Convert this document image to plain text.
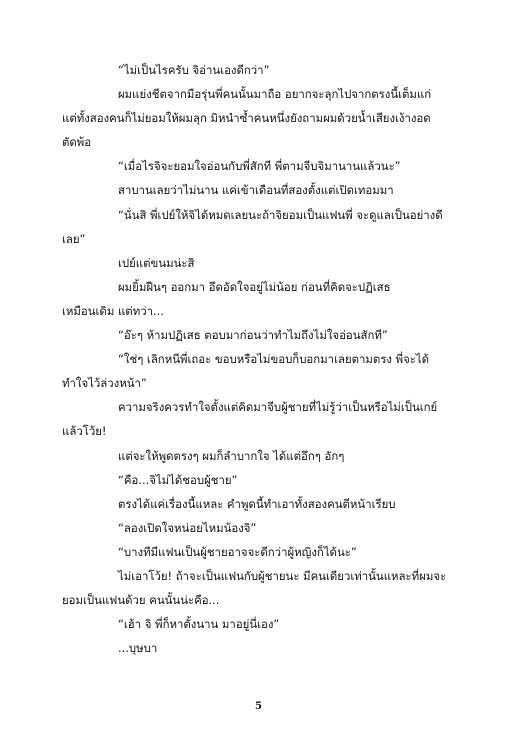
“ไม่เป็นไรครับ จิอ่านเองดีกว่า”

ผมแย่งชีตจากมือรุ่นพี่คนนั้นมาถือ อยากจะลุกไปจากตรงนี้เต็มแก่
แต่ทั้งสองคนก็ไม่ยอมให้ผมลุก มิหนำซ้ำคนหนึ่งยังถามผมด้วยน้ำเสียงเง้างอด
ตัดพ้อ

“เมื่อไรจิจะยอมใจอ่อนกับพี่สักที พี่ตามจีบจิมานานแล้วนะ”

สาบานเลยว่าไม่นาน แค่เข้าเดือนที่สองตั้งแต่เปิดเทอมมา

“นั่นสิ พี่เปย์ให้จิได้หมดเลยนะถ้าจิยอมเป็นแฟนพี่ จะดูแลเป็นอย่างดี
เลย”

เปย์แต่ขนมน่ะสิ

ผมยิ้มฝืนๆ ออกมา อึดอัดใจอยู่ไม่น้อย ก่อนที่คิดจะปฏิเสธ
เหมือนเดิม แต่ทว่า...

“อ๊ะๆ ห้ามปฏิเสธ ตอบมาก่อนว่าทำไมถึงไม่ใจอ่อนสักที”

“ใช่ๆ เลิกหนีพี่เถอะ ขอบหรือไม่ขอบก็บอกมาเลยตามตรง พี่จะได้
ทำใจไว้ล่วงหน้า”

ความจริงควรทำใจตั้งแต่คิดมาจีบผู้ชายที่ไม่รู้ว่าเป็นหรือไม่เป็นเกย์
แล้วโว้ย!

แต่จะให้พูดตรงๆ ผมก็ลำบากใจ ได้แต่อึกๆ อักๆ

“คือ...จิไม่ได้ชอบผู้ชาย”

ตรงได้แค่เรื่องนี้แหละ คำพูดนี้ทำเอาทั้งสองคนตีหน้าเรียบ

“ลองเปิดใจหน่อยไหมน้องจิ”

“บางทีมีแฟนเป็นผู้ชายอาจจะดีกว่าผู้หญิงก็ได้นะ”

ไม่เอาโว้ย! ถ้าจะเป็นแฟนกับผู้ชายนะ มีคนเดียวเท่านั้นแหละที่ผมจะ
ยอมเป็นแฟนด้วย คนนั้นน่ะคือ...

“เฮ้า จิ พี่ก็หาตั้งนาน มาอยู่นี่เอง”

...บุษบา

5
